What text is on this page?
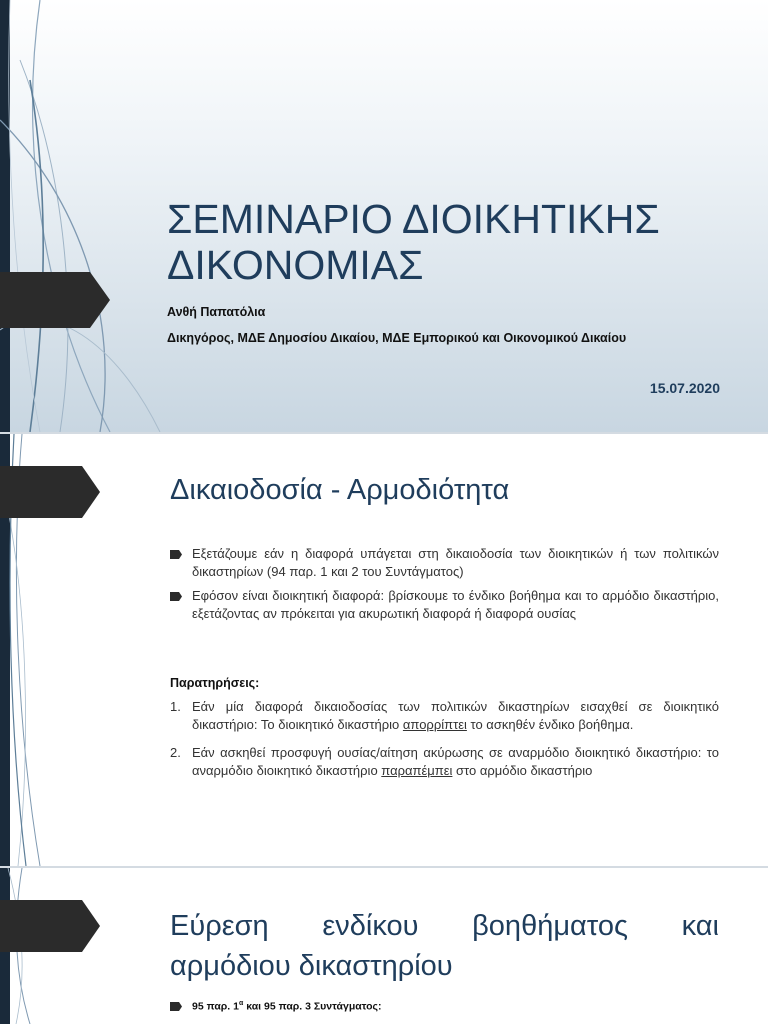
ΣΕΜΙΝΑΡΙΟ ΔΙΟΙΚΗΤΙΚΗΣ
ΔΙΚΟΝΟΜΙΑΣ
Ανθή Παπατόλια
Δικηγόρος, ΜΔΕ Δημοσίου Δικαίου, ΜΔΕ Εμπορικού και Οικονομικού Δικαίου
15.07.2020
Δικαιοδοσία - Αρμοδιότητα
Εξετάζουμε εάν η διαφορά υπάγεται στη δικαιοδοσία των διοικητικών ή των πολιτικών δικαστηρίων (94 παρ. 1 και 2 του Συντάγματος)
Εφόσον είναι διοικητική διαφορά: βρίσκουμε το ένδικο βοήθημα και το αρμόδιο δικαστήριο, εξετάζοντας αν πρόκειται για ακυρωτική διαφορά ή διαφορά ουσίας
Παρατηρήσεις:
1. Εάν μία διαφορά δικαιοδοσίας των πολιτικών δικαστηρίων εισαχθεί σε διοικητικό δικαστήριο: Το διοικητικό δικαστήριο απορρίπτει το ασκηθέν ένδικο βοήθημα.
2. Εάν ασκηθεί προσφυγή ουσίας/αίτηση ακύρωσης σε αναρμόδιο διοικητικό δικαστήριο: το αναρμόδιο διοικητικό δικαστήριο παραπέμπει στο αρμόδιο δικαστήριο
Εύρεση ενδίκου βοηθήματος και
αρμόδιου δικαστηρίου
95 παρ. $1^\alpha$ και 95 παρ. 3 Συντάγματος:
